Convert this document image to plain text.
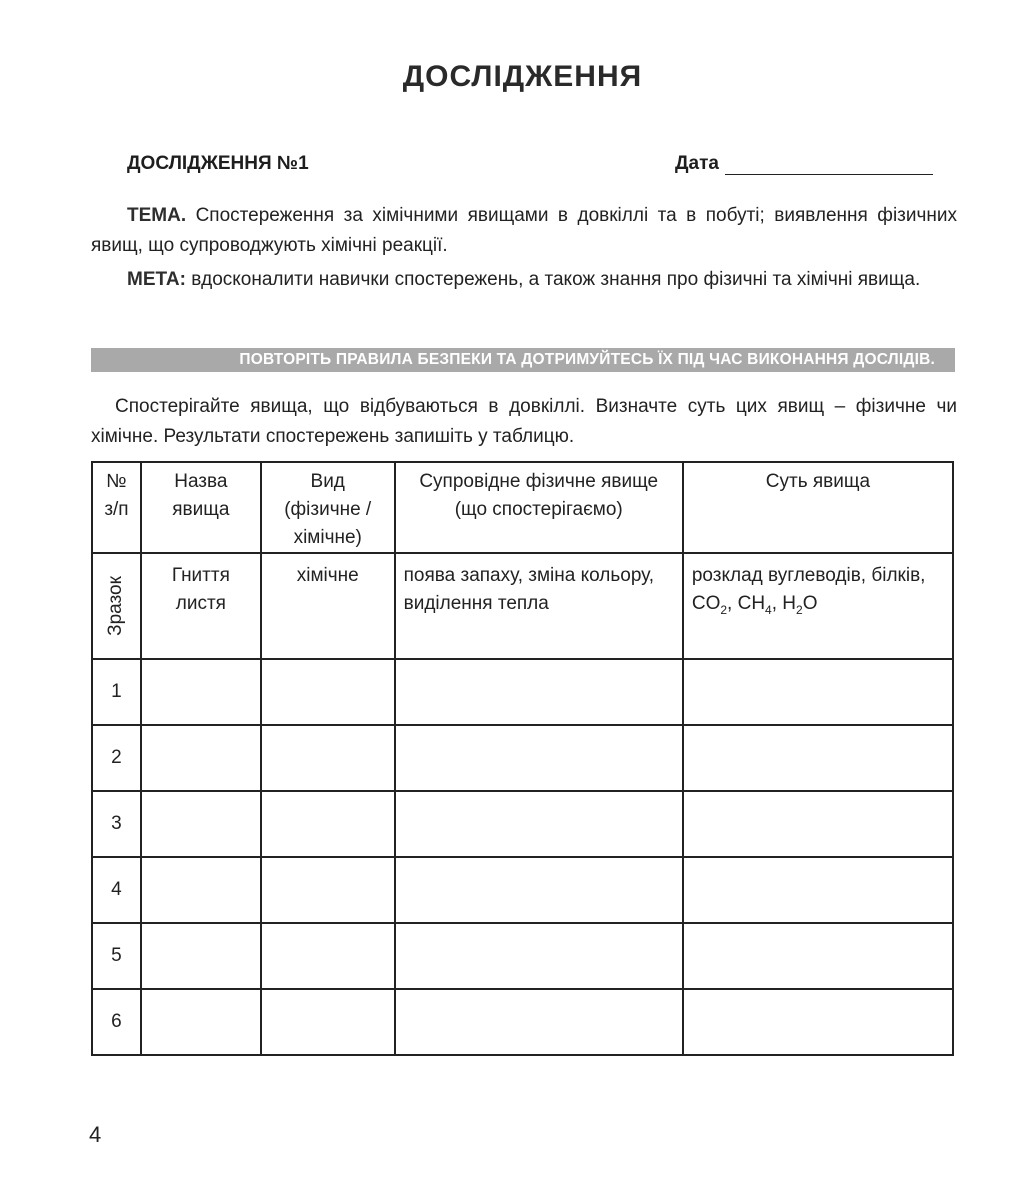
ДОСЛІДЖЕННЯ
ДОСЛІДЖЕННЯ №1	Дата
ТЕМА. Спостереження за хімічними явищами в довкіллі та в побуті; виявлення фізичних явищ, що супроводжують хімічні реакції.
МЕТА: вдосконалити навички спостережень, а також знання про фізичні та хімічні явища.
ПОВТОРІТЬ ПРАВИЛА БЕЗПЕКИ ТА ДОТРИМУЙТЕСЬ ЇХ ПІД ЧАС ВИКОНАННЯ ДОСЛІДІВ.
Спостерігайте явища, що відбуваються в довкіллі. Визначте суть цих явищ – фізичне чи хімічне. Результати спостережень запишіть у таблицю.
№ з/п	Назва явища	Вид (фізичне / хімічне)	Супровідне фізичне явище (що спостерігаємо)	Суть явища

Зразок	Гниття листя	хімічне	поява запаху, зміна кольору, виділення тепла	розклад вуглеводів, білків, $CO_2$, $CH_4$, $H_2O$
1				
2				
3				
4				
5				
6				
4
